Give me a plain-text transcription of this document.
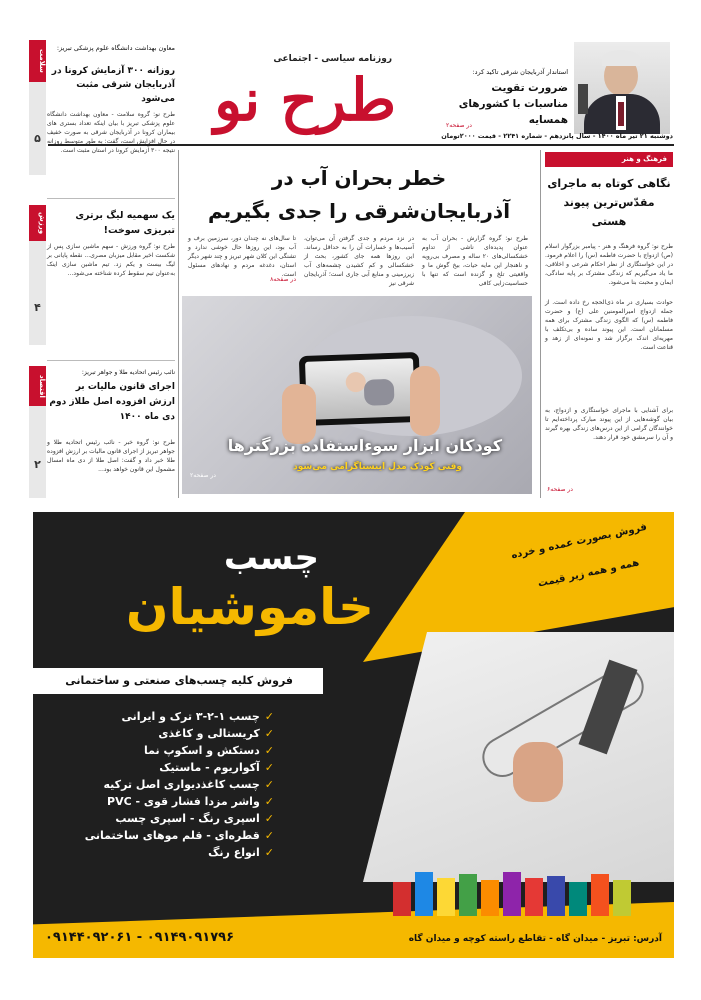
روزنامه سیاسی - اجتماعی
طرح نو	استاندار آذربایجان شرقی تاکید کرد:
ضرورت تقویت مناسبات با کشورهای همسایه
در صفحه۲
دوشنبه ۲۱ تیر ماه ۱۴۰۰ - سال پانزدهم - شماره ۲۲۴۱ - قیمت ۲۰۰۰تومان
معاون بهداشت دانشگاه علوم پزشکی تبریز:
روزانه ۳۰۰ آزمایش کرونا در آذربایجان شرقی مثبت می‌شود
طرح نو: گروه سلامت - معاون بهداشت دانشگاه علوم پزشکی تبریز با بیان اینکه تعداد بستری های بیماران کرونا در آذربایجان شرقی به صورت خفیف در حال افزایش است، گفت: به طور متوسط روزانه نتیجه ۳۰۰ آزمایش کرونا در استان مثبت است.
سلامت
۵
یک سهمیه لیگ برتری تبریزی سوخت!
طرح نو: گروه ورزش - سهم ماشین سازی پس از شکست اخیر مقابل میزبان مصری... نقطه پایانی بر لیگ بیست و یکم زد. تیم ماشین سازی اینک به‌عنوان تیم سقوط کرده شناخته می‌شود...
ورزش
۴
نائب رئیس اتحادیه طلا و جواهر تبریز:
اجرای قانون مالیات بر ارزش افزوده اصل طلاز دوم دی ماه ۱۴۰۰
طرح نو: گروه خبر - نائب رئیس اتحادیه طلا و جواهر تبریز از اجرای قانون مالیات بر ارزش افزوده طلا خبر داد و گفت: اصل طلا از دی ماه امسال مشمول این قانون خواهد بود...
اقتصاد
۲
خطر بحران آب در آذربایجان‌شرقی را جدی بگیریم
طرح نو: گروه گزارش - بحران آب به عنوان پدیده‌ای ناشی از تداوم خشکسالی‌های ۲۰ ساله و مصرف بی‌رویه و ناهنجار این مایه حیات، بیخ گوش ما و واقعیتی تلخ و گزنده است که تنها با حساسیت‌زایی کافی
در نزد مردم و جدی گرفتن آن می‌توان، آسیب‌ها و خسارات آن را به حداقل رساند. این روزها همه جای کشور، بحث از خشکسالی و کم کشیدن چشمه‌های آب زیرزمینی و منابع آبی جاری است؛ آذربایجان شرقی نیز
تا سال‌های نه چندان دور، سرزمین برف و آب بود، این روزها حال خوشی ندارد و تشنگی این کلان شهر تبریز و چند شهر دیگر استان، دغدغه مردم و نهادهای مسئول است.
در صفحه۸
کودکان ابزار سوءاستفاده بزرگترها
وقتی کودک مدل اینستاگرامی می‌شود
در صفحه۲
فرهنگ و هنر
نگاهی کوتاه به ماجرای مقدّس‌ترین پیوند هستی
طرح نو: گروه فرهنگ و هنر - پیامبر بزرگوار اسلام (ص) ازدواج با حضرت فاطمه (س) را اعلام فرمود. در این خواستگاری از نظر احکام شرعی و اخلاقی، ما یاد می‌گیریم که زندگی مشترک بر پایه سادگی، ایمان و محبت بنا می‌شود.
حوادث بسیاری در ماه ذی‌الحجه رخ داده است. از جمله ازدواج امیرالمومنین علی (ع) و حضرت فاطمه (س) که الگوی زندگی مشترک برای همه مسلمانان است. این پیوند ساده و بی‌تکلف با مهریه‌ای اندک برگزار شد و نمونه‌ای از زهد و قناعت است.
برای آشنایی با ماجرای خواستگاری و ازدواج، به بیان گوشه‌هایی از این پیوند مبارک پرداخته‌ایم تا خوانندگان گرامی از این درس‌های زندگی بهره گیرند و آن را سرمشق خود قرار دهند.
در صفحه۶
چسب
خاموشیان
فروش کلیه چسب‌های صنعتی و ساختمانی
فروش بصورت عمده و خرده
همه و همه زیر قیمت
✓چسب ۱-۲-۳ ترک و ایرانی
✓کریستالی و کاغذی
✓دستکش و اسکوپ نما
✓آکواریوم - ماستیک
✓چسب کاغذدیواری اصل ترکیه
✓واشر مزدا فشار قوی - PVC
✓اسپری رنگ - اسپری چسب
✓قطره‌ای - قلم موهای ساختمانی
✓انواع رنگ
آدرس: تبریز - میدان گاه - تقاطع راسته کوچه و میدان گاه
۰۹۱۴۹۰۹۱۷۹۶ - ۰۹۱۴۴۰۹۲۰۶۱
